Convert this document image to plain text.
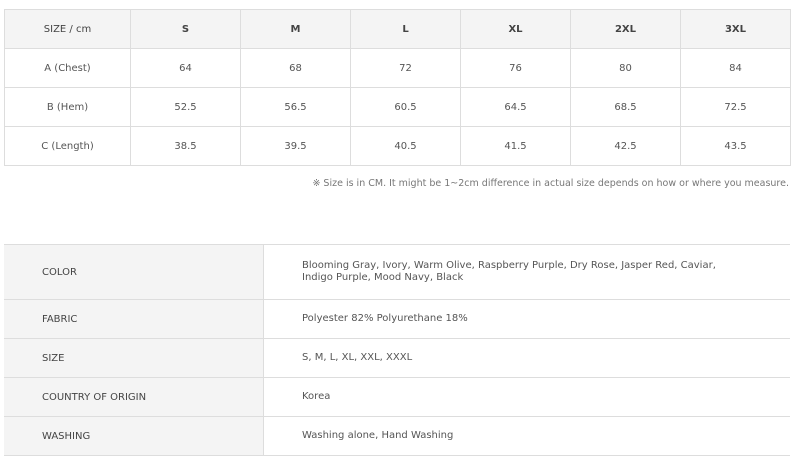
SIZE / cm	S	M	L	XL	2XL	3XL
A (Chest)	64	68	72	76	80	84
B (Hem)	52.5	56.5	60.5	64.5	68.5	72.5
C (Length)	38.5	39.5	40.5	41.5	42.5	43.5
※ Size is in CM. It might be 1~2cm difference in actual size depends on how or where you measure.
COLOR	Blooming Gray, Ivory, Warm Olive, Raspberry Purple, Dry Rose, Jasper Red, Caviar, Indigo Purple, Mood Navy, Black
FABRIC	Polyester 82% Polyurethane 18%
SIZE	S, M, L, XL, XXL, XXXL
COUNTRY OF ORIGIN	Korea
WASHING	Washing alone, Hand Washing
